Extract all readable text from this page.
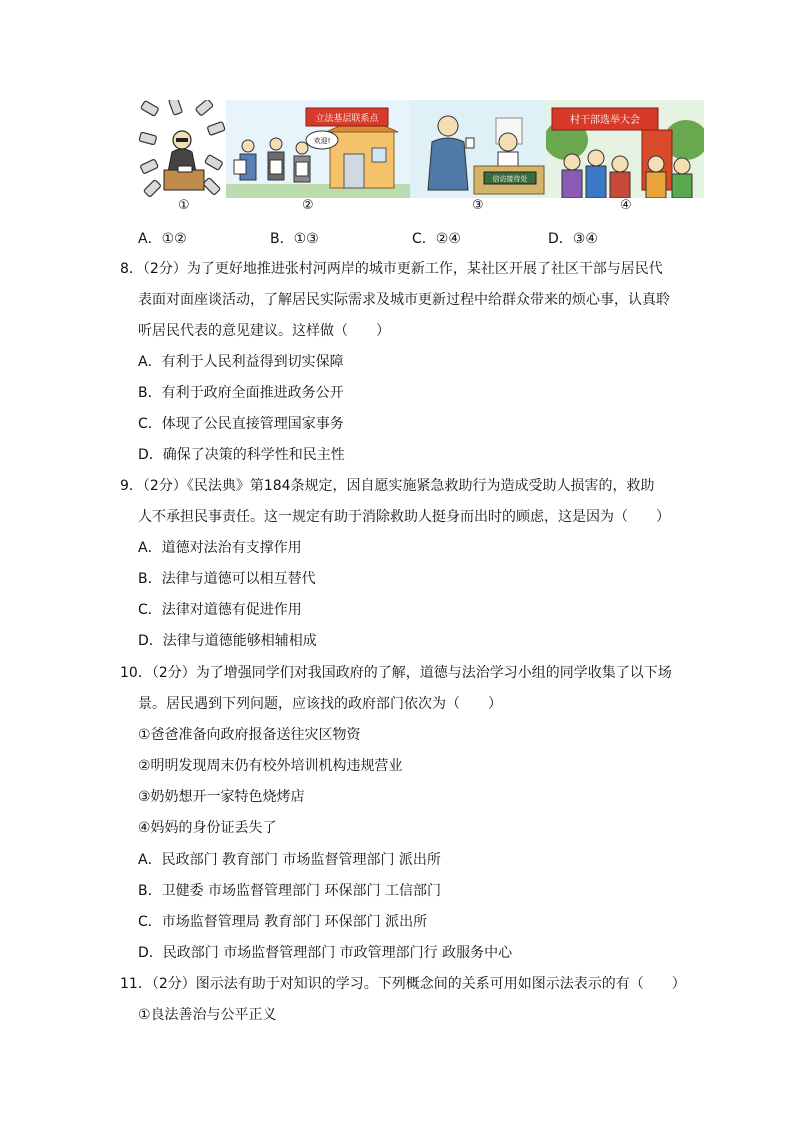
立法基层联系点
欢迎!
信访接待处
村干部选举大会
①	②	③	④
A．①②	B．①③	C．②④	D．③④
8．（2分）为了更好地推进张村河两岸的城市更新工作，某社区开展了社区干部与居民代
表面对面座谈活动，了解居民实际需求及城市更新过程中给群众带来的烦心事，认真聆
听居民代表的意见建议。这样做（　　）
A．有利于人民利益得到切实保障
B．有利于政府全面推进政务公开
C．体现了公民直接管理国家事务
D．确保了决策的科学性和民主性
9．（2分）《民法典》第184条规定，因自愿实施紧急救助行为造成受助人损害的，救助
人不承担民事责任。这一规定有助于消除救助人挺身而出时的顾虑，这是因为（　　）
A．道德对法治有支撑作用
B．法律与道德可以相互替代
C．法律对道德有促进作用
D．法律与道德能够相辅相成
10．（2分）为了增强同学们对我国政府的了解，道德与法治学习小组的同学收集了以下场
景。居民遇到下列问题，应该找的政府部门依次为（　　）
①爸爸准备向政府报备送往灾区物资
②明明发现周末仍有校外培训机构违规营业
③奶奶想开一家特色烧烤店
④妈妈的身份证丢失了
A．民政部门 教育部门 市场监督管理部门 派出所
B．卫健委 市场监督管理部门 环保部门 工信部门
C．市场监督管理局 教育部门 环保部门 派出所
D．民政部门 市场监督管理部门 市政管理部门行 政服务中心
11．（2分）图示法有助于对知识的学习。下列概念间的关系可用如图示法表示的有（　　）
①良法善治与公平正义
